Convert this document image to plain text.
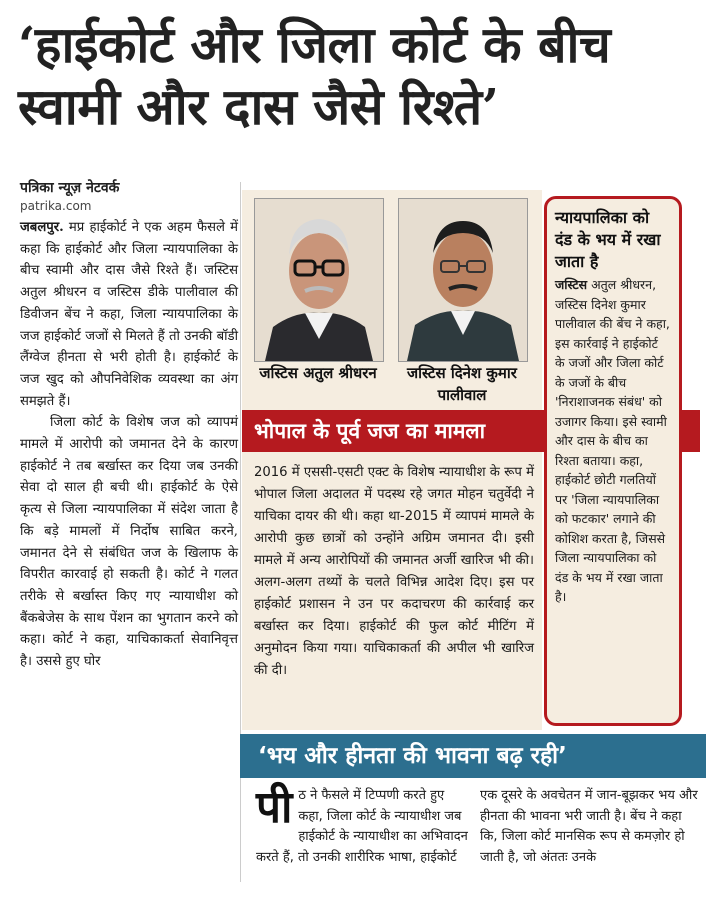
‘हाईकोर्ट और जिला कोर्ट के बीच स्वामी और दास जैसे रिश्ते’
पत्रिका न्यूज़ नेटवर्क
patrika.com

जबलपुर. मप्र हाईकोर्ट ने एक अहम फैसले में कहा कि हाईकोर्ट और जिला न्यायपालिका के बीच स्वामी और दास जैसे रिश्ते हैं। जस्टिस अतुल श्रीधरन व जस्टिस डीके पालीवाल की डिवीजन बेंच ने कहा, जिला न्यायपालिका के जज हाईकोर्ट जजों से मिलते हैं तो उनकी बॉडी लैंग्वेज हीनता से भरी होती है। हाईकोर्ट के जज खुद को औपनिवेशिक व्यवस्था का अंग समझते हैं।

जिला कोर्ट के विशेष जज को व्यापमं मामले में आरोपी को जमानत देने के कारण हाईकोर्ट ने तब बर्खास्त कर दिया जब उनकी सेवा दो साल ही बची थी। हाईकोर्ट के ऐसे कृत्य से जिला न्यायपालिका में संदेश जाता है कि बड़े मामलों में निर्दोष साबित करने, जमानत देने से संबंधित जज के खिलाफ के विपरीत कारवाई हो सकती है। कोर्ट ने गलत तरीके से बर्खास्त किए गए न्यायाधीश को बैंकबेजेस के साथ पेंशन का भुगतान करने को कहा। कोर्ट ने कहा, याचिकाकर्ता सेवानिवृत्त है। उससे हुए घोर

जस्टिस अतुल श्रीधरन	जस्टिस दिनेश कुमार पालीवाल
भोपाल के पूर्व जज का मामला
2016 में एससी-एसटी एक्ट के विशेष न्यायाधीश के रूप में भोपाल जिला अदालत में पदस्थ रहे जगत मोहन चतुर्वेदी ने याचिका दायर की थी। कहा था-2015 में व्यापमं मामले के आरोपी कुछ छात्रों को उन्होंने अग्रिम जमानत दी। इसी मामले में अन्य आरोपियों की जमानत अर्जी खारिज भी की। अलग-अलग तथ्यों के चलते विभिन्न आदेश दिए। इस पर हाईकोर्ट प्रशासन ने उन पर कदाचरण की कार्रवाई कर बर्खास्त कर दिया। हाईकोर्ट की फुल कोर्ट मीटिंग में अनुमोदन किया गया। याचिकाकर्ता की अपील भी खारिज की दी।
न्यायपालिका को दंड के भय में रखा जाता है
जस्टिस अतुल श्रीधरन, जस्टिस दिनेश कुमार पालीवाल की बेंच ने कहा, इस कार्रवाई ने हाईकोर्ट के जजों और जिला कोर्ट के जजों के बीच 'निराशाजनक संबंध' को उजागर किया। इसे स्वामी और दास के बीच का रिश्ता बताया। कहा, हाईकोर्ट छोटी गलतियों पर 'जिला न्यायपालिका को फटकार' लगाने की कोशिश करता है, जिससे जिला न्यायपालिका को दंड के भय में रखा जाता है।
‘भय और हीनता की भावना बढ़ रही’
पीठ ने फैसले में टिप्पणी करते हुए कहा, जिला कोर्ट के न्यायाधीश जब हाईकोर्ट के न्यायाधीश का अभिवादन करते हैं, तो उनकी शारीरिक भाषा, हाईकोर्ट
एक दूसरे के अवचेतन में जान-बूझकर भय और हीनता की भावना भरी जाती है। बेंच ने कहा कि, जिला कोर्ट मानसिक रूप से कमज़ोर हो जाती है, जो अंततः उनके
